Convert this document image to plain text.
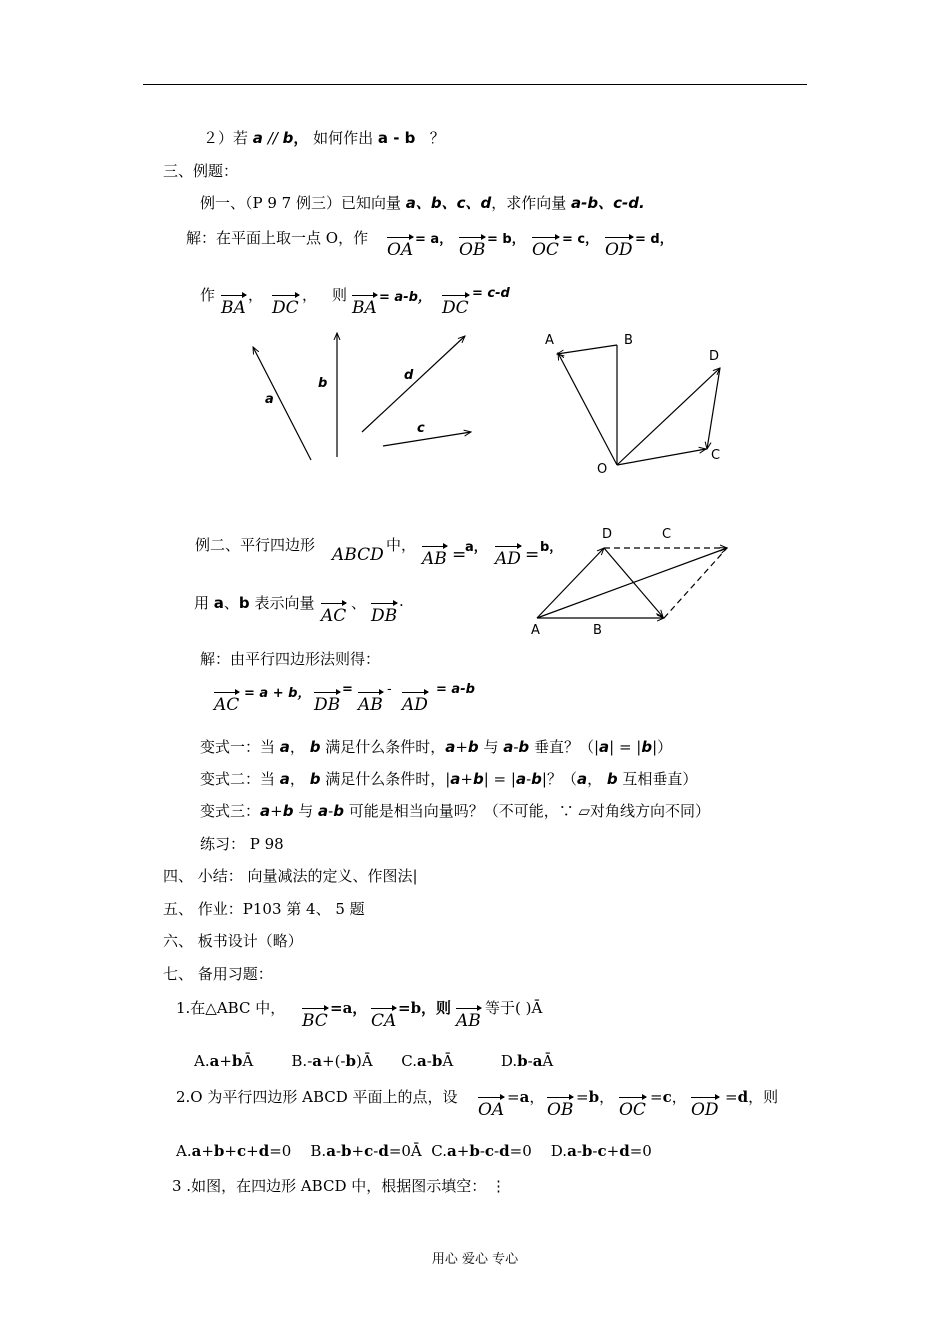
２）若 a // b， 如何作出 a - b   ？
三、例题：
例一、（P 9 7 例三）已知向量 a、b、c、d，求作向量 a-b、c-d.
解：在平面上取一点 O，作
OA
= a，
OB
= b，
OC
= c，
OD
= d，
作
BA
，
DC
， 则
BA
= a-b，
DC
= c-d
a
b
d
c
A	B
D
C
O
例二、平行四边形 ABCD 中，
AB =
a，
AD = b，
用 a、b 表示向量
AC
、
DB
.
D	C
A	B
解：由平行四边形法则得：
AC
= a + b，
DB
=
AB
-
AD
= a-b
变式一：当 a， b 满足什么条件时，a+b 与 a-b 垂直？（|a| = |b|）
变式二：当 a， b 满足什么条件时，|a+b| = |a-b|？（a， b 互相垂直）
变式三：a+b 与 a-b 可能是相当向量吗？（不可能，∵ ▱对角线方向不同）
练习： P 98
四、 小结： 向量减法的定义、作图法|
五、 作业：P103 第 4、 5 题
六、 板书设计（略）
七、 备用习题：
1.在△ABC 中，
BC
=a，
CA
=b，则
AB
等于( )Ā
A.a+bĀ        B.-a+(-b)Ā      C.a-bĀ          D.b-aĀ
2.O 为平行四边形 ABCD 平面上的点，设
OA
=a，
OB
=b，
OC
=c，
OD
=d，则
A.a+b+c+d=0    B.a-b+c-d=0Ā  C.a+b-c-d=0    D.a-b-c+d=0
3 .如图，在四边形 ABCD 中，根据图示填空： ⋮
用心 爱心 专心
